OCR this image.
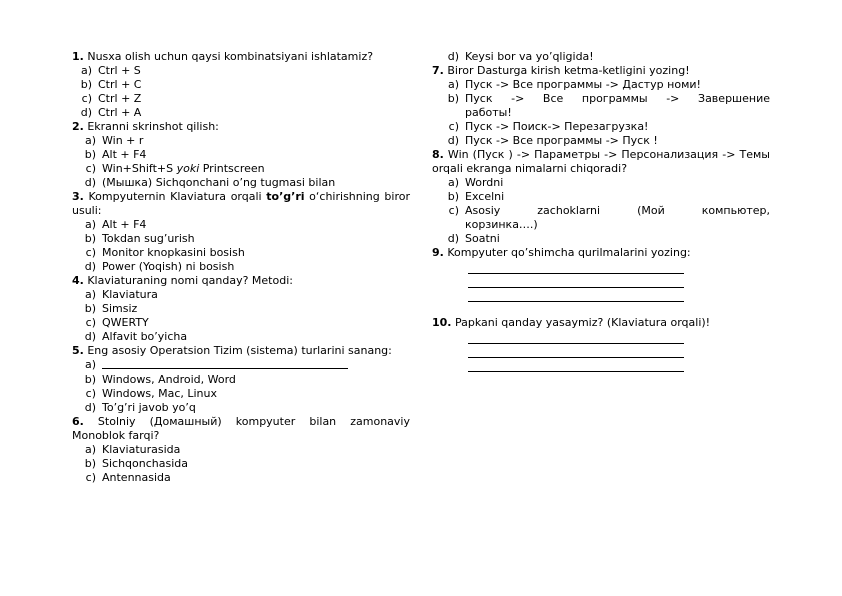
1. Nusxa olish uchun qaysi kombinatsiyani ishlatamiz?
a) Ctrl + S
b) Ctrl + C
c) Ctrl + Z
d) Ctrl + A
2. Ekranni skrinshot qilish:
a) Win + r
b) Alt + F4
c) Win+Shift+S yoki Printscreen
d) (Мышка) Sichqonchani o’ng tugmasi bilan
3. Kompyuternin Klaviatura orqali to’g’ri o‘chirishning biror usuli:
a) Alt + F4
b) Tokdan sug’urish
c) Monitor knopkasini bosish
d) Power (Yoqish) ni bosish
4. Klaviaturaning nomi qanday? Metodi:
a) Klaviatura
b) Simsiz
c) QWERTY
d) Alfavit bo’yicha
5. Eng asosiy Operatsion Tizim (sistema) turlarini sanang:
a)
b) Windows, Android, Word
c) Windows, Mac, Linux
d) To’g’ri javob yo’q
6. Stolniy (Домашный) kompyuter bilan zamonaviy Monoblok farqi?
a) Klaviaturasida
b) Sichqonchasida
c) Antennasida
d) Keysi bor va yo’qligida!
7. Biror Dasturga kirish ketma-ketligini yozing!
a) Пуск -> Все программы -> Дастур номи!
b) Пуск -> Все программы -> Завершение работы!
c) Пуск -> Поиск-> Перезагрузка!
d) Пуск -> Все программы -> Пуск !
8. Win (Пуск ) -> Параметры -> Персонализация -> Темы orqali ekranga nimalarni chiqoradi?
a) Wordni
b) Excelni
c) Asosiy zachoklarni (Мой компьютер, корзинка….)
d) Soatni
9. Kompyuter qo’shimcha qurilmalarini yozing:
10. Papkani qanday yasaymiz? (Klaviatura orqali)!
